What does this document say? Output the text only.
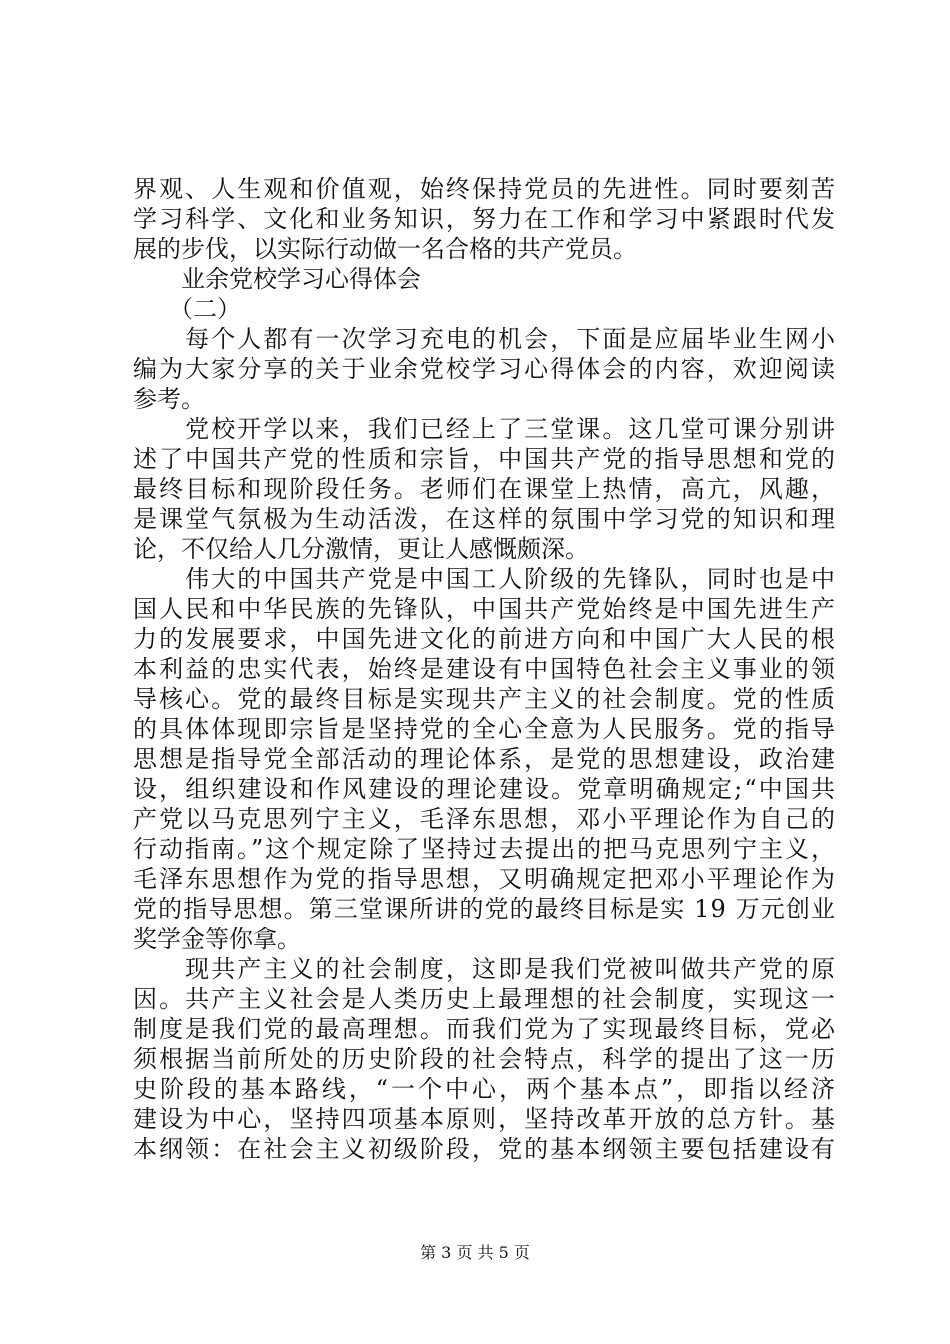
界观、人生观和价值观，始终保持党员的先进性。同时要刻苦
学习科学、文化和业务知识，努力在工作和学习中紧跟时代发
展的步伐，以实际行动做一名合格的共产党员。
　　业余党校学习心得体会
　　（二）
　　每个人都有一次学习充电的机会，下面是应届毕业生网小
编为大家分享的关于业余党校学习心得体会的内容，欢迎阅读
参考。
　　党校开学以来，我们已经上了三堂课。这几堂可课分别讲
述了中国共产党的性质和宗旨，中国共产党的指导思想和党的
最终目标和现阶段任务。老师们在课堂上热情，高亢，风趣，
是课堂气氛极为生动活泼，在这样的氛围中学习党的知识和理
论，不仅给人几分激情，更让人感慨颇深。
　　伟大的中国共产党是中国工人阶级的先锋队，同时也是中
国人民和中华民族的先锋队，中国共产党始终是中国先进生产
力的发展要求，中国先进文化的前进方向和中国广大人民的根
本利益的忠实代表，始终是建设有中国特色社会主义事业的领
导核心。党的最终目标是实现共产主义的社会制度。党的性质
的具体体现即宗旨是坚持党的全心全意为人民服务。党的指导
思想是指导党全部活动的理论体系，是党的思想建设，政治建
设，组织建设和作风建设的理论建设。党章明确规定;“中国共
产党以马克思列宁主义，毛泽东思想，邓小平理论作为自己的
行动指南。”这个规定除了坚持过去提出的把马克思列宁主义，
毛泽东思想作为党的指导思想，又明确规定把邓小平理论作为
党的指导思想。第三堂课所讲的党的最终目标是实 19 万元创业
奖学金等你拿。
　　现共产主义的社会制度，这即是我们党被叫做共产党的原
因。共产主义社会是人类历史上最理想的社会制度，实现这一
制度是我们党的最高理想。而我们党为了实现最终目标，党必
须根据当前所处的历史阶段的社会特点，科学的提出了这一历
史阶段的基本路线，“一个中心，两个基本点”，即指以经济
建设为中心，坚持四项基本原则，坚持改革开放的总方针。基
本纲领：在社会主义初级阶段，党的基本纲领主要包括建设有
第 3 页 共 5 页
